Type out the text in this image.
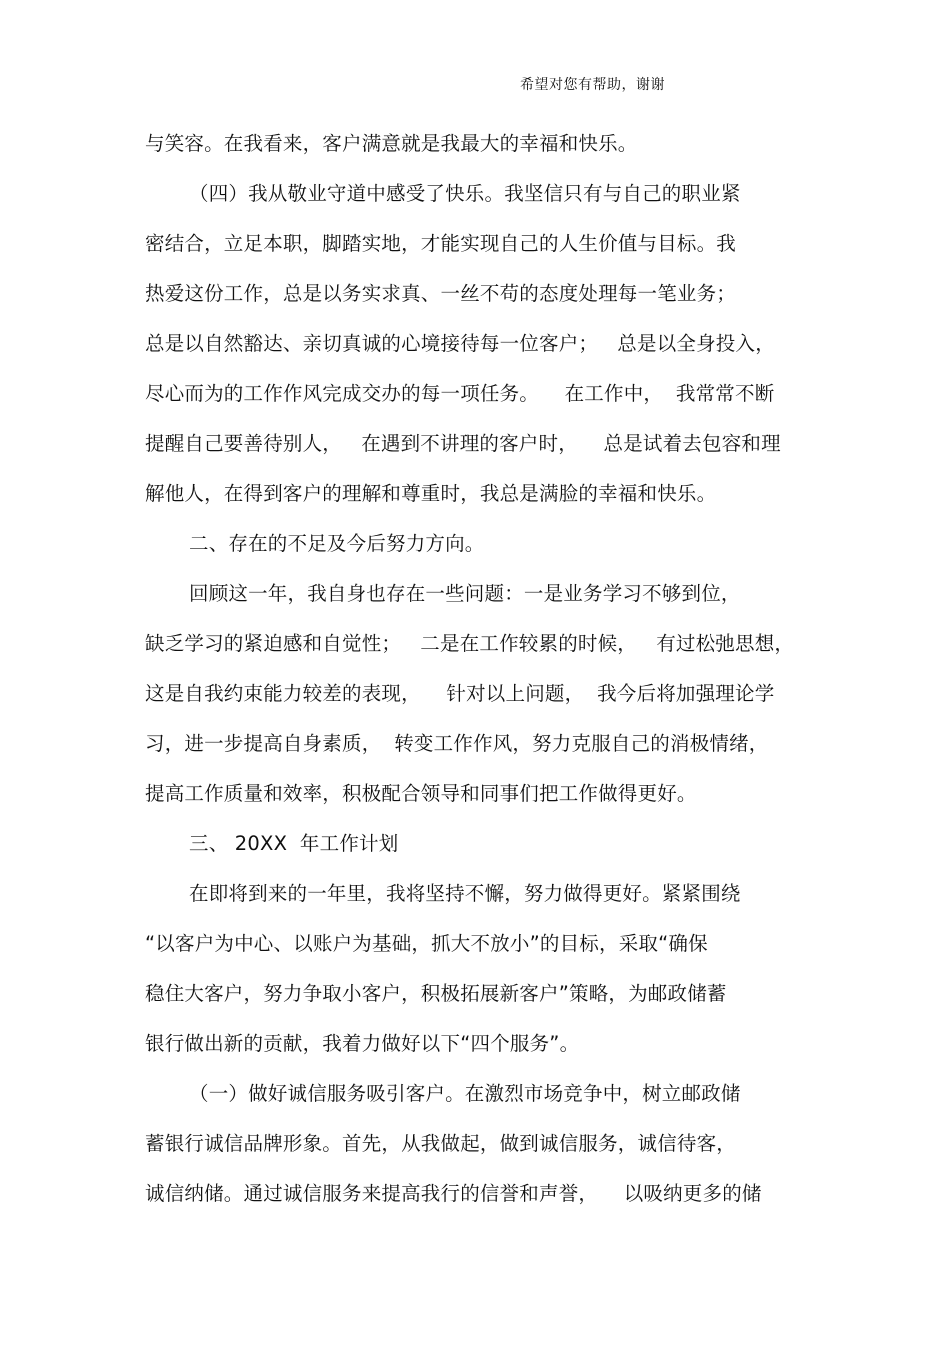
希望对您有帮助，谢谢
与笑容。在我看来，客户满意就是我最大的幸福和快乐。
（四）我从敬业守道中感受了快乐。我坚信只有与自己的职业紧
密结合，立足本职，脚踏实地，才能实现自己的人生价值与目标。我
热爱这份工作，总是以务实求真、一丝不苟的态度处理每一笔业务；
总是以自然豁达、亲切真诚的心境接待每一位客户；   总是以全身投入，
尽心而为的工作作风完成交办的每一项任务。    在工作中，  我常常不断
提醒自己要善待别人，   在遇到不讲理的客户时，    总是试着去包容和理
解他人，在得到客户的理解和尊重时，我总是满脸的幸福和快乐。
二、存在的不足及今后努力方向。
回顾这一年，我自身也存在一些问题：一是业务学习不够到位，
缺乏学习的紧迫感和自觉性；   二是在工作较累的时候，   有过松弛思想，
这是自我约束能力较差的表现，    针对以上问题，  我今后将加强理论学
习，进一步提高自身素质，  转变工作作风，努力克服自己的消极情绪，
提高工作质量和效率，积极配合领导和同事们把工作做得更好。
三、 20XX  年工作计划
在即将到来的一年里，我将坚持不懈，努力做得更好。紧紧围绕
“以客户为中心、以账户为基础，抓大不放小”的目标，采取“确保
稳住大客户，努力争取小客户，积极拓展新客户”策略，为邮政储蓄
银行做出新的贡献，我着力做好以下“四个服务”。
（一）做好诚信服务吸引客户。在激烈市场竞争中，树立邮政储
蓄银行诚信品牌形象。首先，从我做起，做到诚信服务，诚信待客，
诚信纳储。通过诚信服务来提高我行的信誉和声誉，    以吸纳更多的储
